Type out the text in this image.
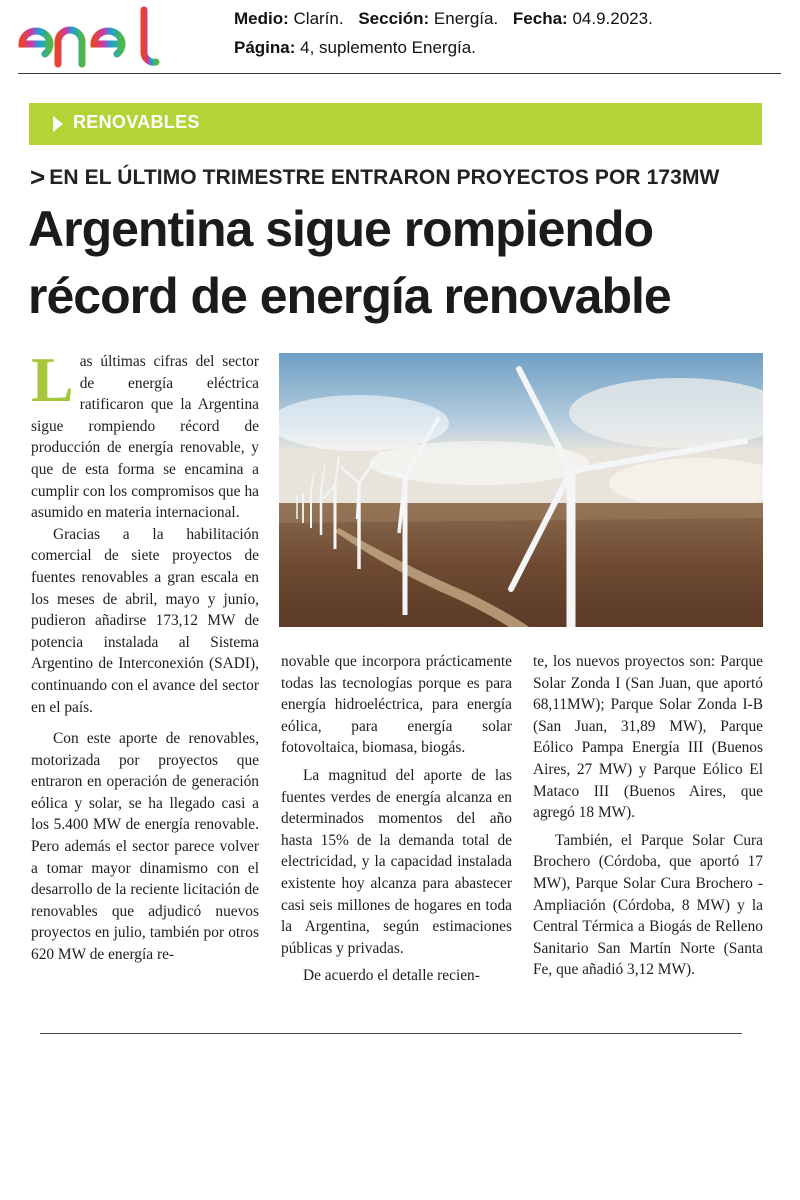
Medio: Clarín. Sección: Energía. Fecha: 04.9.2023.
Página: 4, suplemento Energía.
RENOVABLES
> EN EL ÚLTIMO TRIMESTRE ENTRARON PROYECTOS POR 173MW
Argentina sigue rompiendo récord de energía renovable

Las últimas cifras del sector de energía eléctrica ratificaron que la Argentina sigue rompiendo récord de producción de energía renovable, y que de esta forma se encamina a cumplir con los compromisos que ha asumido en materia internacional.

Gracias a la habilitación comercial de siete proyectos de fuentes renovables a gran escala en los meses de abril, mayo y junio, pudieron añadirse 173,12 MW de potencia instalada al Sistema Argentino de Interconexión (SADI), continuando con el avance del sector en el país.

Con este aporte de renovables, motorizada por proyectos que entraron en operación de generación eólica y solar, se ha llegado casi a los 5.400 MW de energía renovable. Pero además el sector parece volver a tomar mayor dinamismo con el desarrollo de la reciente licitación de renovables que adjudicó nuevos proyectos en julio, también por otros 620 MW de energía re-

novable que incorpora prácticamente todas las tecnologías porque es para energía hidroeléctrica, para energía eólica, para energía solar fotovoltaica, biomasa, biogás.

La magnitud del aporte de las fuentes verdes de energía alcanza en determinados momentos del año hasta 15% de la demanda total de electricidad, y la capacidad instalada existente hoy alcanza para abastecer casi seis millones de hogares en toda la Argentina, según estimaciones públicas y privadas.

De acuerdo el detalle recien-

te, los nuevos proyectos son: Parque Solar Zonda I (San Juan, que aportó 68,11MW); Parque Solar Zonda I-B (San Juan, 31,89 MW), Parque Eólico Pampa Energía III (Buenos Aires, 27 MW) y Parque Eólico El Mataco III (Buenos Aires, que agregó 18 MW).

También, el Parque Solar Cura Brochero (Córdoba, que aportó 17 MW), Parque Solar Cura Brochero - Ampliación (Córdoba, 8 MW) y la Central Térmica a Biogás de Relleno Sanitario San Martín Norte (Santa Fe, que añadió 3,12 MW).
